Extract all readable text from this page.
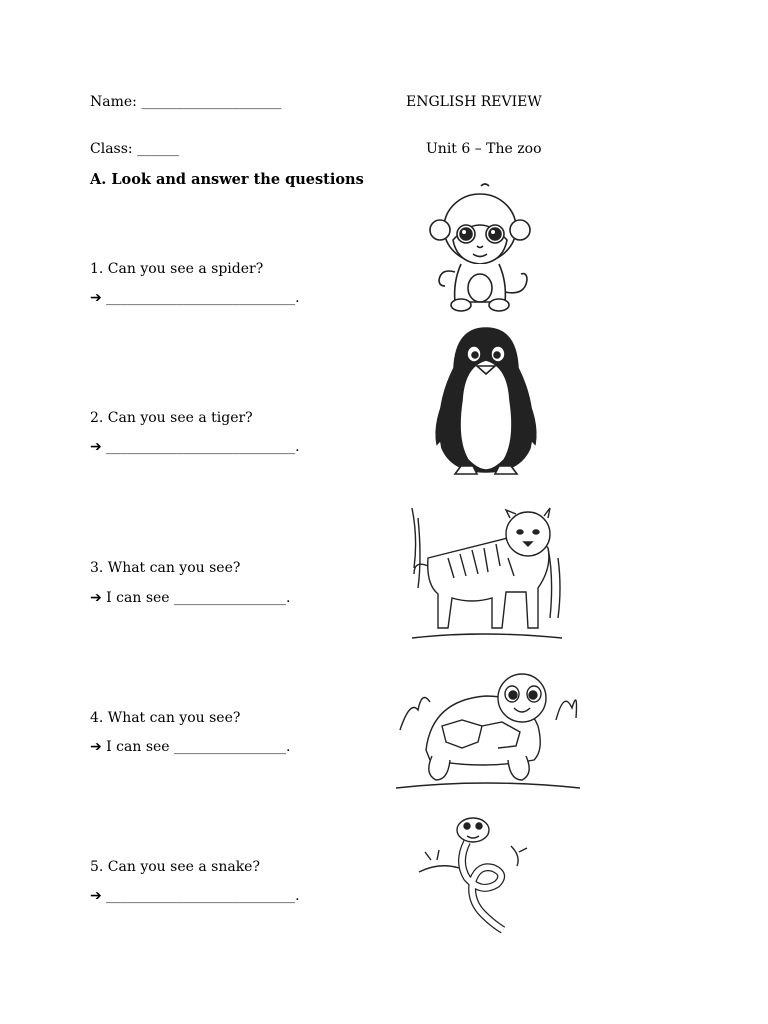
Name: ____________________	ENGLISH REVIEW
Class: ______	Unit 6 – The zoo
A. Look and answer the questions
1. Can you see a spider?
➔ ___________________________.
2. Can you see a tiger?
➔ ___________________________.
3. What can you see?
➔ I can see ________________.
4. What can you see?
➔ I can see ________________.
5. Can you see a snake?
➔ ___________________________.
